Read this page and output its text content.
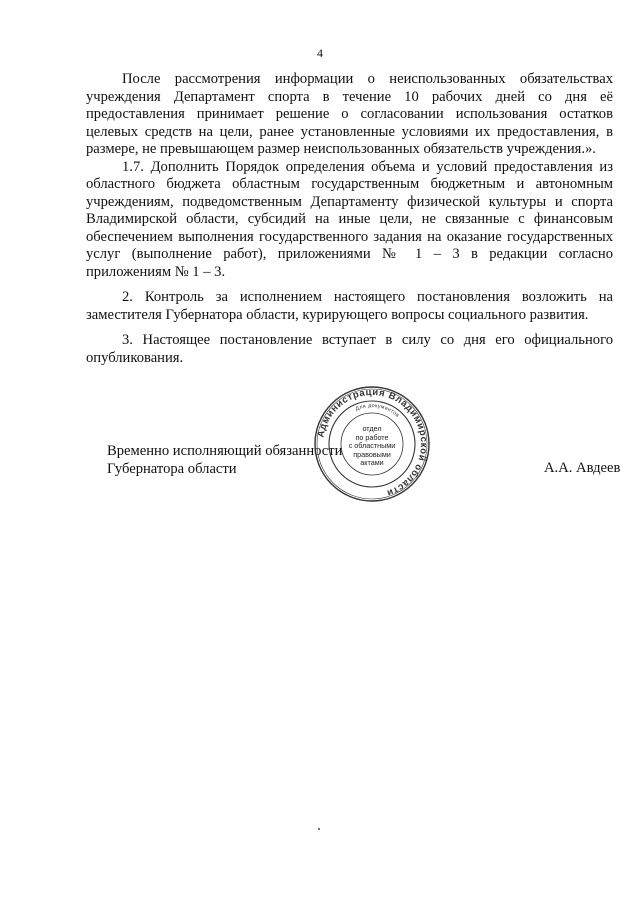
4

После рассмотрения информации о неиспользованных обязательствах учреждения Департамент спорта в течение 10 рабочих дней со дня её предоставления принимает решение о согласовании использования остатков целевых средств на цели, ранее установленные условиями их предоставления, в размере, не превышающем размер неиспользованных обязательств учреждения.».

1.7. Дополнить Порядок определения объема и условий предоставления из областного бюджета областным государственным бюджетным и автономным учреждениям, подведомственным Департаменту физической культуры и спорта Владимирской области, субсидий на иные цели, не связанные с финансовым обеспечением выполнения государственного задания на оказание государственных услуг (выполнение работ), приложениями № 1 – 3 в редакции согласно приложениям № 1 – 3.

2. Контроль за исполнением настоящего постановления возложить на заместителя Губернатора области, курирующего вопросы социального развития.

3. Настоящее постановление вступает в силу со дня его официального опубликования.

Временно исполняющий обязанности
Губернатора области
Администрация Владимирской области
Для документов
отдел
по работе
с областными
правовыми
актами	А.А. Авдеев
